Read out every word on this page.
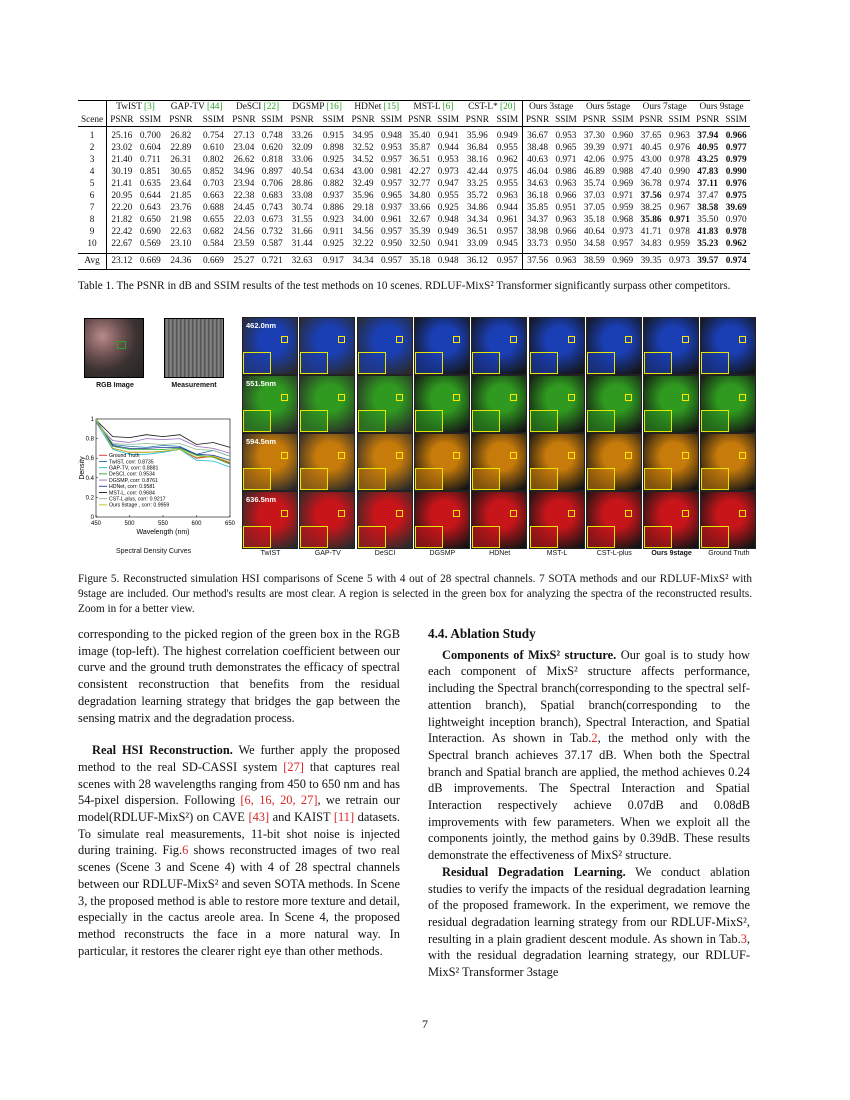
	TwIST [3]		GAP-TV [44]		DeSCI [22]		DGSMP [16]		HDNet [15]		MST-L [6]		CST-L* [20]		Ours 3stage		Ours 5stage		Ours 7stage		Ours 9stage	
Scene	PSNR	SSIM	PSNR	SSIM	PSNR	SSIM	PSNR	SSIM	PSNR	SSIM	PSNR	SSIM	PSNR	SSIM	PSNR	SSIM	PSNR	SSIM	PSNR	SSIM	PSNR	SSIM
1	25.16	0.700	26.82	0.754	27.13	0.748	33.26	0.915	34.95	0.948	35.40	0.941	35.96	0.949	36.67	0.953	37.30	0.960	37.65	0.963	37.94	0.966
2	23.02	0.604	22.89	0.610	23.04	0.620	32.09	0.898	32.52	0.953	35.87	0.944	36.84	0.955	38.48	0.965	39.39	0.971	40.45	0.976	40.95	0.977
3	21.40	0.711	26.31	0.802	26.62	0.818	33.06	0.925	34.52	0.957	36.51	0.953	38.16	0.962	40.63	0.971	42.06	0.975	43.00	0.978	43.25	0.979
4	30.19	0.851	30.65	0.852	34.96	0.897	40.54	0.634	43.00	0.981	42.27	0.973	42.44	0.975	46.04	0.986	46.89	0.988	47.40	0.990	47.83	0.990
5	21.41	0.635	23.64	0.703	23.94	0.706	28.86	0.882	32.49	0.957	32.77	0.947	33.25	0.955	34.63	0.963	35.74	0.969	36.78	0.974	37.11	0.976
6	20.95	0.644	21.85	0.663	22.38	0.683	33.08	0.937	35.96	0.965	34.80	0.955	35.72	0.963	36.18	0.966	37.03	0.971	37.56	0.974	37.47	0.975
7	22.20	0.643	23.76	0.688	24.45	0.743	30.74	0.886	29.18	0.937	33.66	0.925	34.86	0.944	35.85	0.951	37.05	0.959	38.25	0.967	38.58	39.69
8	21.82	0.650	21.98	0.655	22.03	0.673	31.55	0.923	34.00	0.961	32.67	0.948	34.34	0.961	34.37	0.963	35.18	0.968	35.86	0.971	35.50	0.970
9	22.42	0.690	22.63	0.682	24.56	0.732	31.66	0.911	34.56	0.957	35.39	0.949	36.51	0.957	38.98	0.966	40.64	0.973	41.71	0.978	41.83	0.978
10	22.67	0.569	23.10	0.584	23.59	0.587	31.44	0.925	32.22	0.950	32.50	0.941	33.09	0.945	33.73	0.950	34.58	0.957	34.83	0.959	35.23	0.962
Avg	23.12	0.669	24.36	0.669	25.27	0.721	32.63	0.917	34.34	0.957	35.18	0.948	36.12	0.957	37.56	0.963	38.59	0.969	39.35	0.973	39.57	0.974
Table 1. The PSNR in dB and SSIM results of the test methods on 10 scenes. RDLUF-MixS² Transformer significantly surpass other competitors.
RGB Image	Measurement
450	500	550	600	650
0
0.2
0.4
0.6
0.8
1
Ground Truth
TwIST, corr: 0.8735
GAP-TV, corr: 0.8881
DeSCI, corr: 0.9534
DGSMP, corr: 0.8761
HDNet, corr: 0.9581
MST-L, corr: 0.9684
CST-L-plus, corr: 0.9217
Ours 9stage , corr: 0.9959
Wavelength (nm)
Density
Spectral Density Curves
462.0nm
551.5nm
594.5nm
636.5nm
TwIST	GAP-TV	DeSCI	DGSMP	HDNet	MST-L	CST-L-plus	Ours 9stage	Ground Truth
Figure 5. Reconstructed simulation HSI comparisons of Scene 5 with 4 out of 28 spectral channels. 7 SOTA methods and our RDLUF-MixS² with 9stage are included. Our method's results are most clear. A region is selected in the green box for analyzing the spectra of the reconstructed results. Zoom in for a better view.

corresponding to the picked region of the green box in the RGB image (top-left). The highest correlation coefficient between our curve and the ground truth demonstrates the efficacy of spectral consistent reconstruction that benefits from the residual degradation learning strategy that bridges the gap between the sensing matrix and the degradation process.

Real HSI Reconstruction. We further apply the proposed method to the real SD-CASSI system [27] that captures real scenes with 28 wavelengths ranging from 450 to 650 nm and has 54-pixel dispersion. Following [6, 16, 20, 27], we retrain our model(RDLUF-MixS²) on CAVE [43] and KAIST [11] datasets. To simulate real measurements, 11-bit shot noise is injected during training. Fig.6 shows reconstructed images of two real scenes (Scene 3 and Scene 4) with 4 of 28 spectral channels between our RDLUF-MixS² and seven SOTA methods. In Scene 3, the proposed method is able to restore more texture and detail, especially in the cactus areole area. In Scene 4, the proposed method reconstructs the face in a more natural way. In particular, it restores the clearer right eye than other methods.

4.4. Ablation Study

Components of MixS² structure. Our goal is to study how each component of MixS² structure affects performance, including the Spectral branch(corresponding to the spectral self-attention branch), Spatial branch(corresponding to the lightweight inception branch), Spectral Interaction, and Spatial Interaction. As shown in Tab.2, the method only with the Spectral branch achieves 37.17 dB. When both the Spectral branch and Spatial branch are applied, the method achieves 0.24 dB improvements. The Spectral Interaction and Spatial Interaction respectively achieve 0.07dB and 0.08dB improvements with few parameters. When we exploit all the components jointly, the method gains by 0.39dB. These results demonstrate the effectiveness of MixS² structure.

Residual Degradation Learning. We conduct ablation studies to verify the impacts of the residual degradation learning of the proposed framework. In the experiment, we remove the residual degradation learning strategy from our RDLUF-MixS², resulting in a plain gradient descent module. As shown in Tab.3, with the residual degradation learning strategy, our RDLUF-MixS² Transformer 3stage

7
